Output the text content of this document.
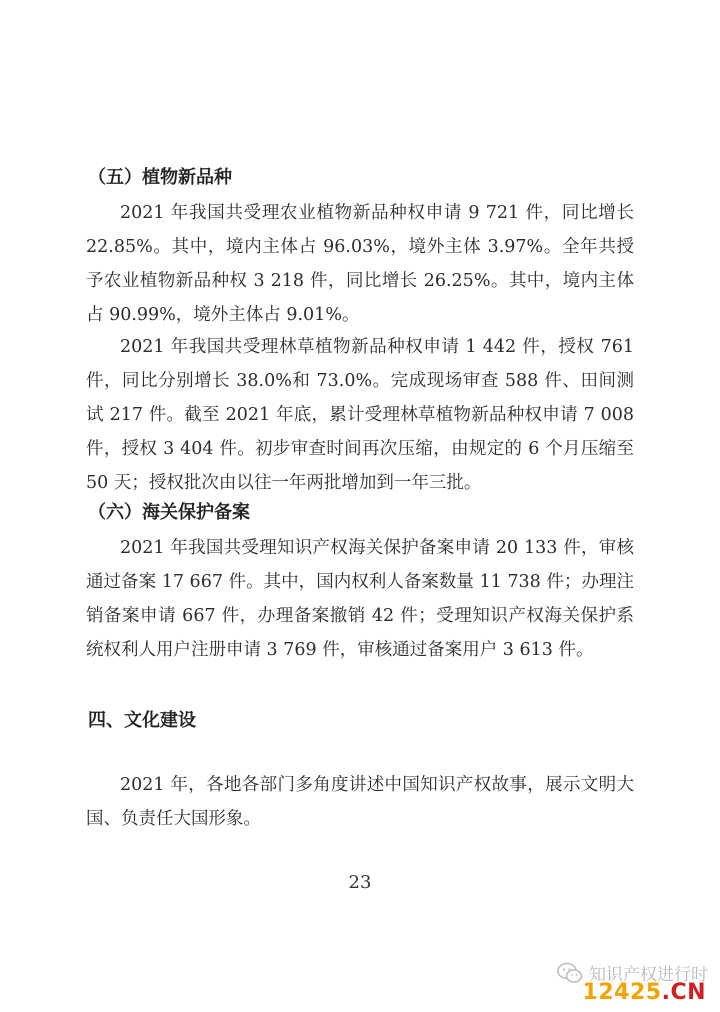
（五）植物新品种

2021 年我国共受理农业植物新品种权申请 9 721 件，同比增长 22.85%。其中，境内主体占 96.03%，境外主体 3.97%。全年共授予农业植物新品种权 3 218 件，同比增长 26.25%。其中，境内主体占 90.99%，境外主体占 9.01%。

2021 年我国共受理林草植物新品种权申请 1 442 件，授权 761 件，同比分别增长 38.0%和 73.0%。完成现场审查 588 件、田间测试 217 件。截至 2021 年底，累计受理林草植物新品种权申请 7 008 件，授权 3 404 件。初步审查时间再次压缩，由规定的 6 个月压缩至 50 天；授权批次由以往一年两批增加到一年三批。

（六）海关保护备案

2021 年我国共受理知识产权海关保护备案申请 20 133 件，审核通过备案 17 667 件。其中，国内权利人备案数量 11 738 件；办理注销备案申请 667 件，办理备案撤销 42 件；受理知识产权海关保护系统权利人用户注册申请 3 769 件，审核通过备案用户 3 613 件。

四、文化建设

2021 年，各地各部门多角度讲述中国知识产权故事，展示文明大国、负责任大国形象。

23
知识产权进行时
12425.CN
